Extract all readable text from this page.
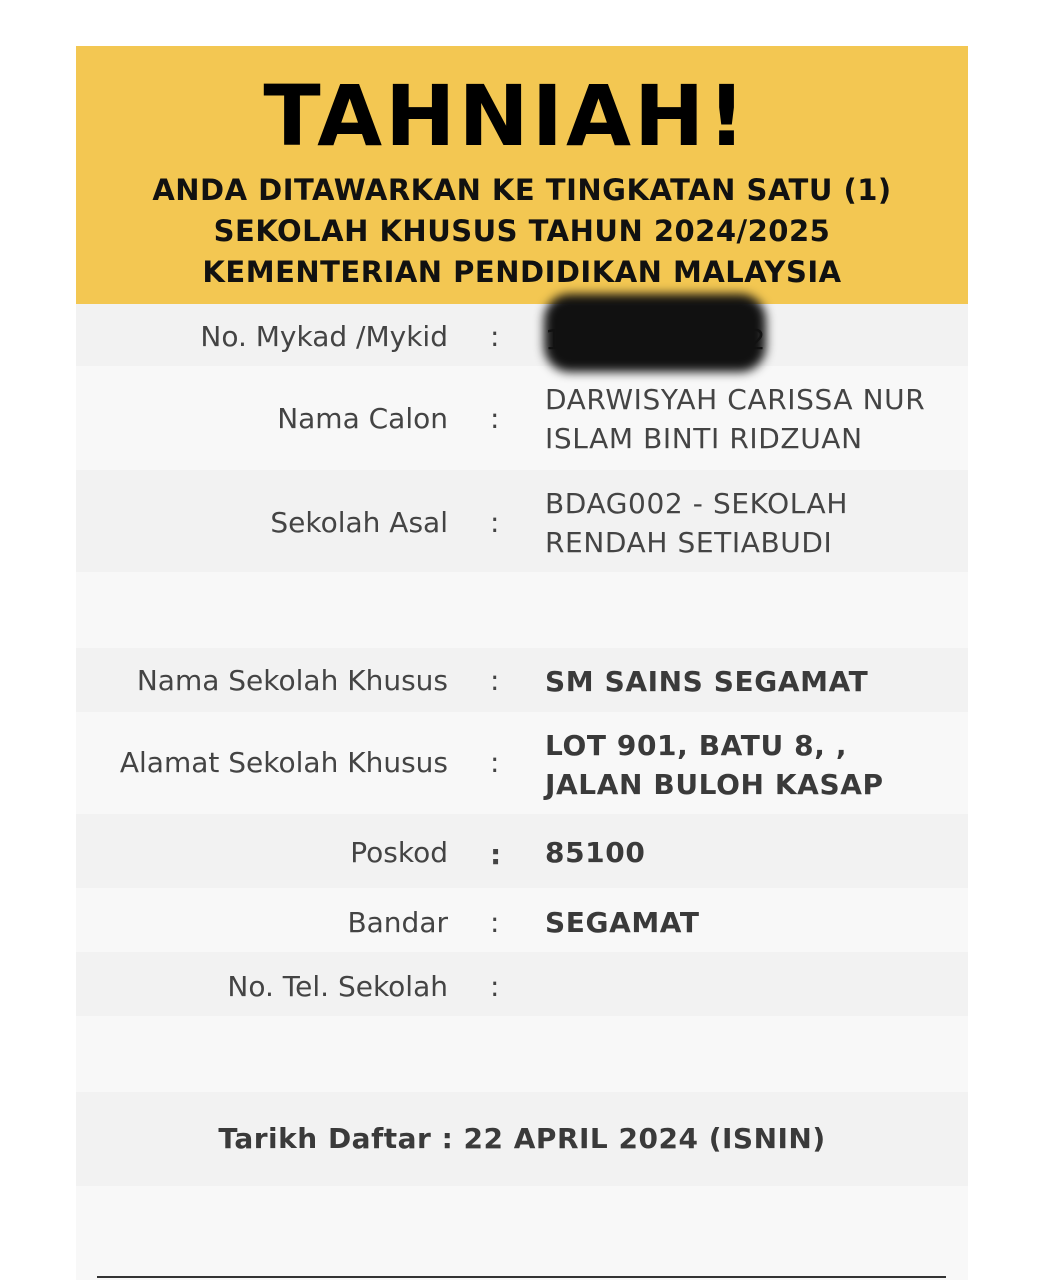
TAHNIAH!
ANDA DITAWARKAN KE TINGKATAN SATU (1)
SEKOLAH KHUSUS TAHUN 2024/2025
KEMENTERIAN PENDIDIKAN MALAYSIA
No. Mykad /Mykid :
Nama Calon :
DARWISYAH CARISSA NUR
ISLAM BINTI RIDZUAN
Sekolah Asal :
BDAG002 - SEKOLAH
RENDAH SETIABUDI
Nama Sekolah Khusus : SM SAINS SEGAMAT
Alamat Sekolah Khusus :
LOT 901, BATU 8, ,
JALAN BULOH KASAP
Poskod : 85100
Bandar : SEGAMAT
No. Tel. Sekolah :
Tarikh Daftar : 22 APRIL 2024 (ISNIN)
